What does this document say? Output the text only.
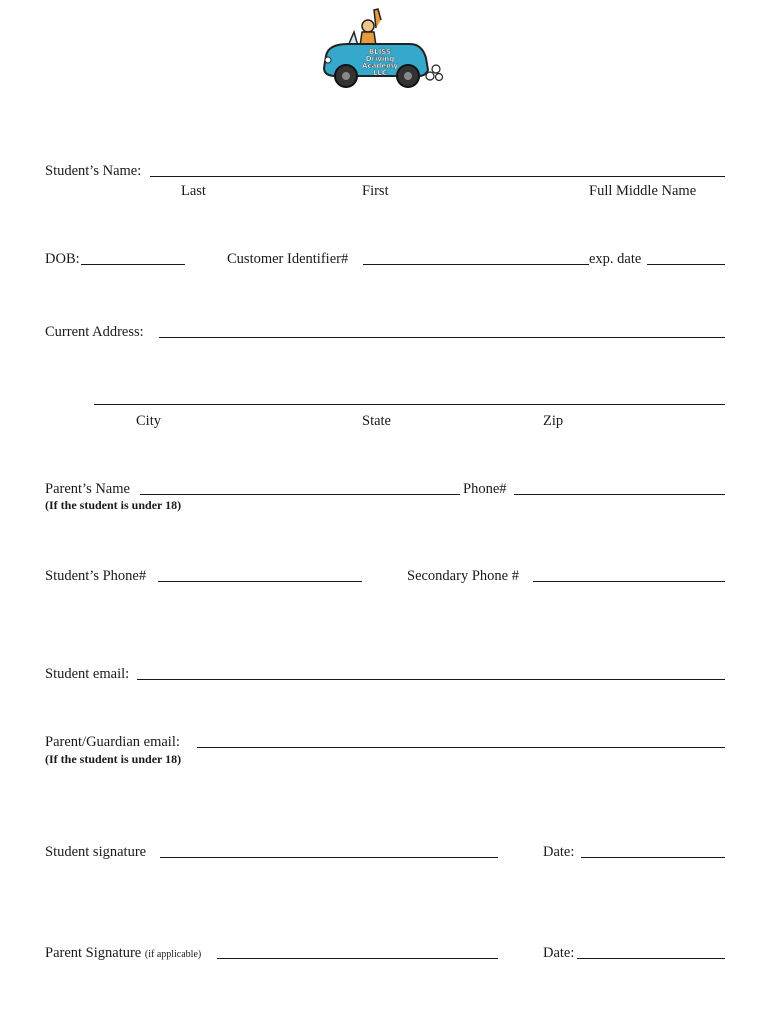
BLISS
Driving
Academy
LLC
Student’s Name:
Last	First	Full Middle Name
DOB:	Customer Identifier#	exp. date
Current Address:
City	State	Zip
Parent’s Name	Phone#
(If the student is under 18)
Student’s Phone#	Secondary Phone #
Student email:
Parent/Guardian email:
(If the student is under 18)
Student signature	Date:
Parent Signature (if applicable)	Date:
